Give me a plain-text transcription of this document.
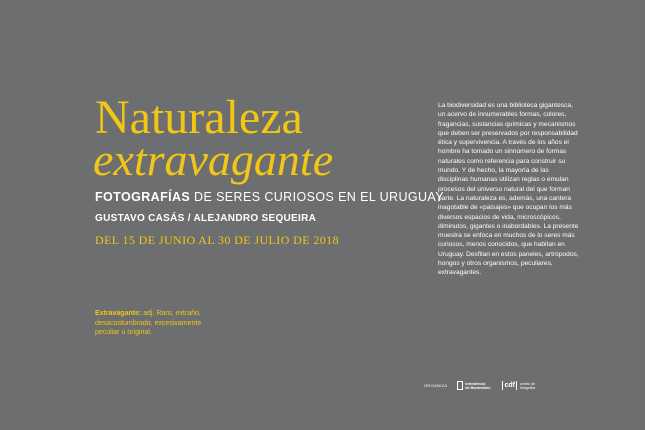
Naturaleza
extravagante
FOTOGRAFÍAS DE SERES CURIOSOS EN EL URUGUAY
GUSTAVO CASÁS / ALEJANDRO SEQUEIRA
DEL 15 DE JUNIO AL 30 DE JULIO DE 2018
Extravagante: adj. Raro, extraño, desacostumbrado, excesivamente peculiar u original.
La biodiversidad es una biblioteca gigantesca, un acervo de innumerables formas, colores, fragancias, sustancias químicas y mecanismos que deben ser preservados por responsabilidad ética y supervivencia. A través de los años el hombre ha tomado un sinnúmero de formas naturales como referencia para construir su mundo. Y de hecho, la mayoría de las disciplinas humanas utilizan reglas o emulan procesos del universo natural del que forman parte. La naturaleza es, además, una cantera inagotable de «paisajes» que ocupan los más diversos espacios de vida, microscópicos, diminutos, gigantes o inabordables. La presente muestra se enfoca en muchos de lo seres más curiosos, menos conocidos, que habitan en Uruguay. Desfilan en estos paneles, artrópodos, hongos y otros organismos, peculiares, extravagantes.
ORGANIZA	Intendencia
de Montevideo cdf	centro de
fotografía
